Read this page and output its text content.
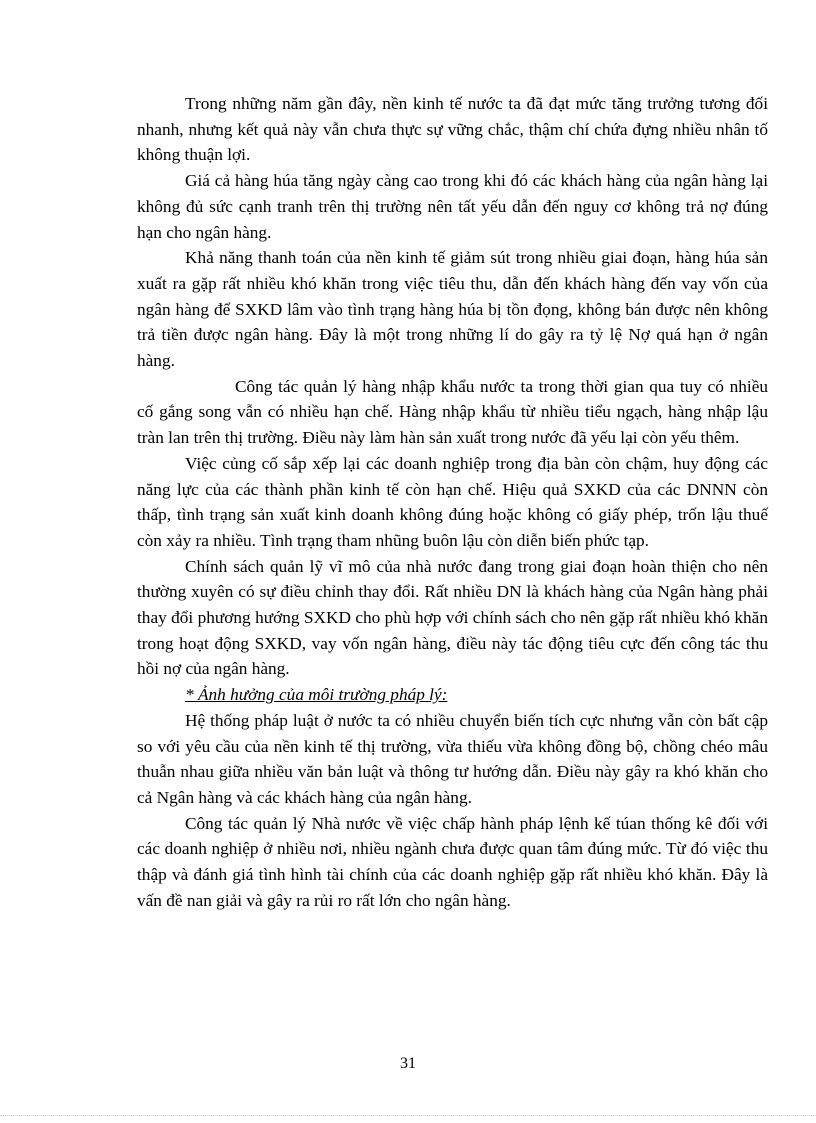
Trong những năm gần đây, nền kinh tế nước ta đã đạt mức tăng trưởng tương đối nhanh, nhưng kết quả này vẫn chưa thực sự vững chắc, thậm chí chứa đựng nhiều nhân tố không thuận lợi.

Giá cả hàng húa tăng ngày càng cao trong khi đó các khách hàng của ngân hàng lại không đủ sức cạnh tranh trên thị trường nên tất yếu dẫn đến nguy cơ không trả nợ đúng hạn cho ngân hàng.

Khả năng thanh toán của nền kinh tế giảm sút trong nhiều giai đoạn, hàng húa sản xuất ra gặp rất nhiều khó khăn trong việc tiêu thu, dẫn đến khách hàng đến vay vốn của ngân hàng để SXKD lâm vào tình trạng hàng húa bị tồn đọng, không bán được nên không trả tiền được ngân hàng. Đây là một trong những lí do gây ra tỷ lệ Nợ quá hạn ở ngân hàng.

Công tác quản lý hàng nhập khẩu nước ta trong thời gian qua tuy có nhiều cố gắng song vẫn có nhiều hạn chế. Hàng nhập khẩu từ nhiều tiểu ngạch, hàng nhập lậu tràn lan trên thị trường. Điều này làm hàn sản xuất trong nước đã yếu lại còn yếu thêm.

Việc củng cố sắp xếp lại các doanh nghiệp trong địa bàn còn chậm, huy động các năng lực của các thành phần kinh tế còn hạn chế. Hiệu quả SXKD của các DNNN còn thấp, tình trạng sản xuất kinh doanh không đúng hoặc không có giấy phép, trốn lậu thuế còn xảy ra nhiều. Tình trạng tham nhũng buôn lậu còn diễn biến phức tạp.

Chính sách quản lỹ vĩ mô của nhà nước đang trong giai đoạn hoàn thiện cho nên thường xuyên có sự điều chỉnh thay đổi. Rất nhiều DN là khách hàng của Ngân hàng phải thay đổi phương hướng SXKD cho phù hợp với chính sách cho nên gặp rất nhiều khó khăn trong hoạt động SXKD, vay vốn ngân hàng, điều này tác động tiêu cực đến công tác thu hồi nợ của ngân hàng.

* Ảnh hưởng của môi trường pháp lý:

Hệ thống pháp luật ở nước ta có nhiều chuyển biến tích cực nhưng vẫn còn bất cập so với yêu cầu của nền kinh tế thị trường, vừa thiếu vừa không đồng bộ, chồng chéo mâu thuẫn nhau giữa nhiều văn bản luật và thông tư hướng dẫn. Điều này gây ra khó khăn cho cả Ngân hàng và các khách hàng của ngân hàng.

Công tác quản lý Nhà nước về việc chấp hành pháp lệnh kế túan thống kê đối với các doanh nghiệp ở nhiều nơi, nhiều ngành chưa được quan tâm đúng mức. Từ đó việc thu thập và đánh giá tình hình tài chính của các doanh nghiệp gặp rất nhiều khó khăn. Đây là vấn đề nan giải và gây ra rủi ro rất lớn cho ngân hàng.

31
